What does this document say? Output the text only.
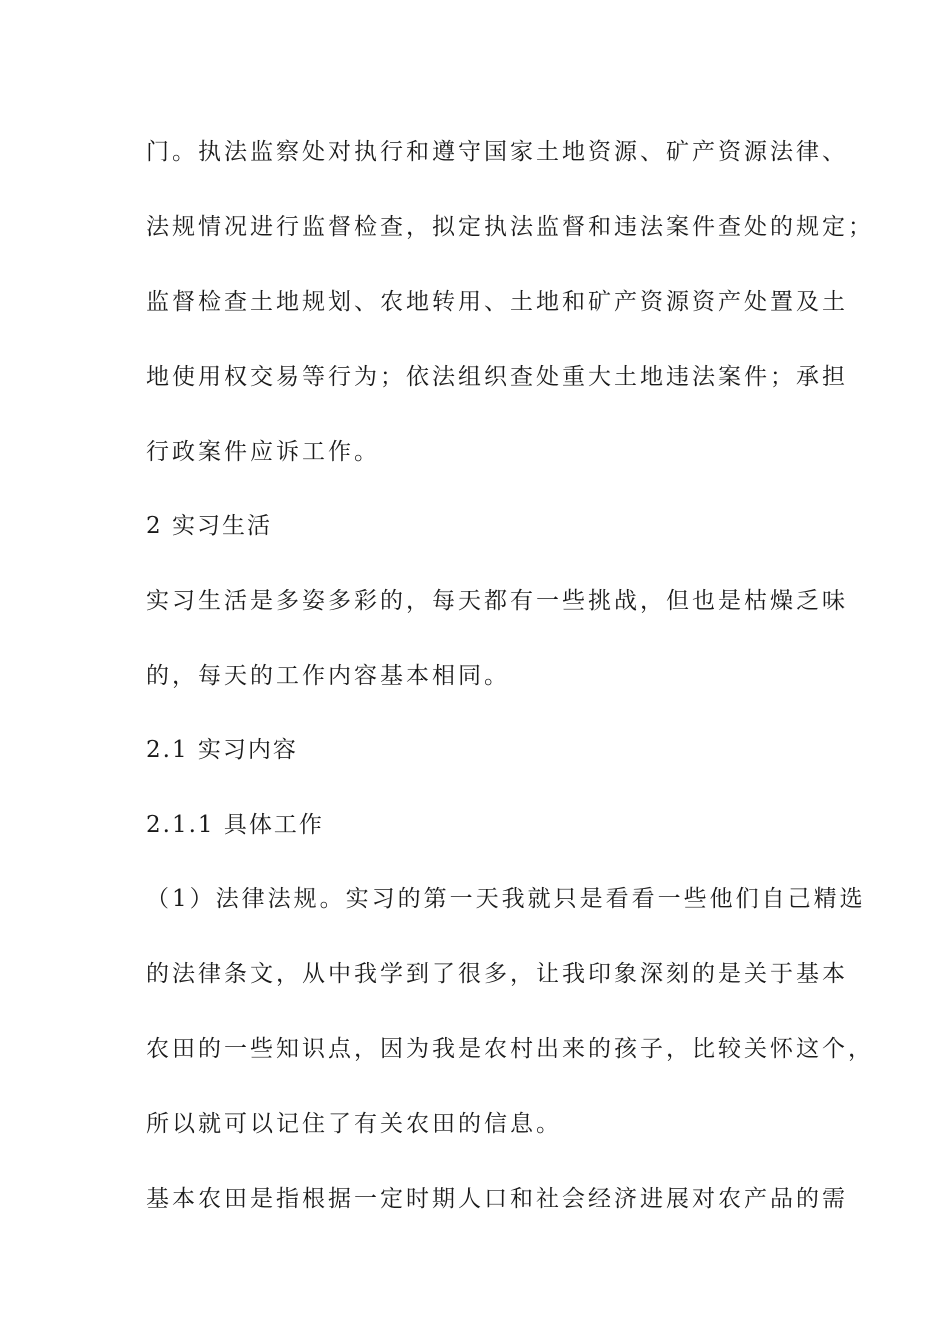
门。执法监察处对执行和遵守国家土地资源、矿产资源法律、
法规情况进行监督检查，拟定执法监督和违法案件查处的规定；
监督检查土地规划、农地转用、土地和矿产资源资产处置及土
地使用权交易等行为；依法组织查处重大土地违法案件；承担
行政案件应诉工作。
2 实习生活
实习生活是多姿多彩的，每天都有一些挑战，但也是枯燥乏味
的，每天的工作内容基本相同。
2.1 实习内容
2.1.1 具体工作
（1）法律法规。实习的第一天我就只是看看一些他们自己精选
的法律条文，从中我学到了很多，让我印象深刻的是关于基本
农田的一些知识点，因为我是农村出来的孩子，比较关怀这个，
所以就可以记住了有关农田的信息。
基本农田是指根据一定时期人口和社会经济进展对农产品的需
